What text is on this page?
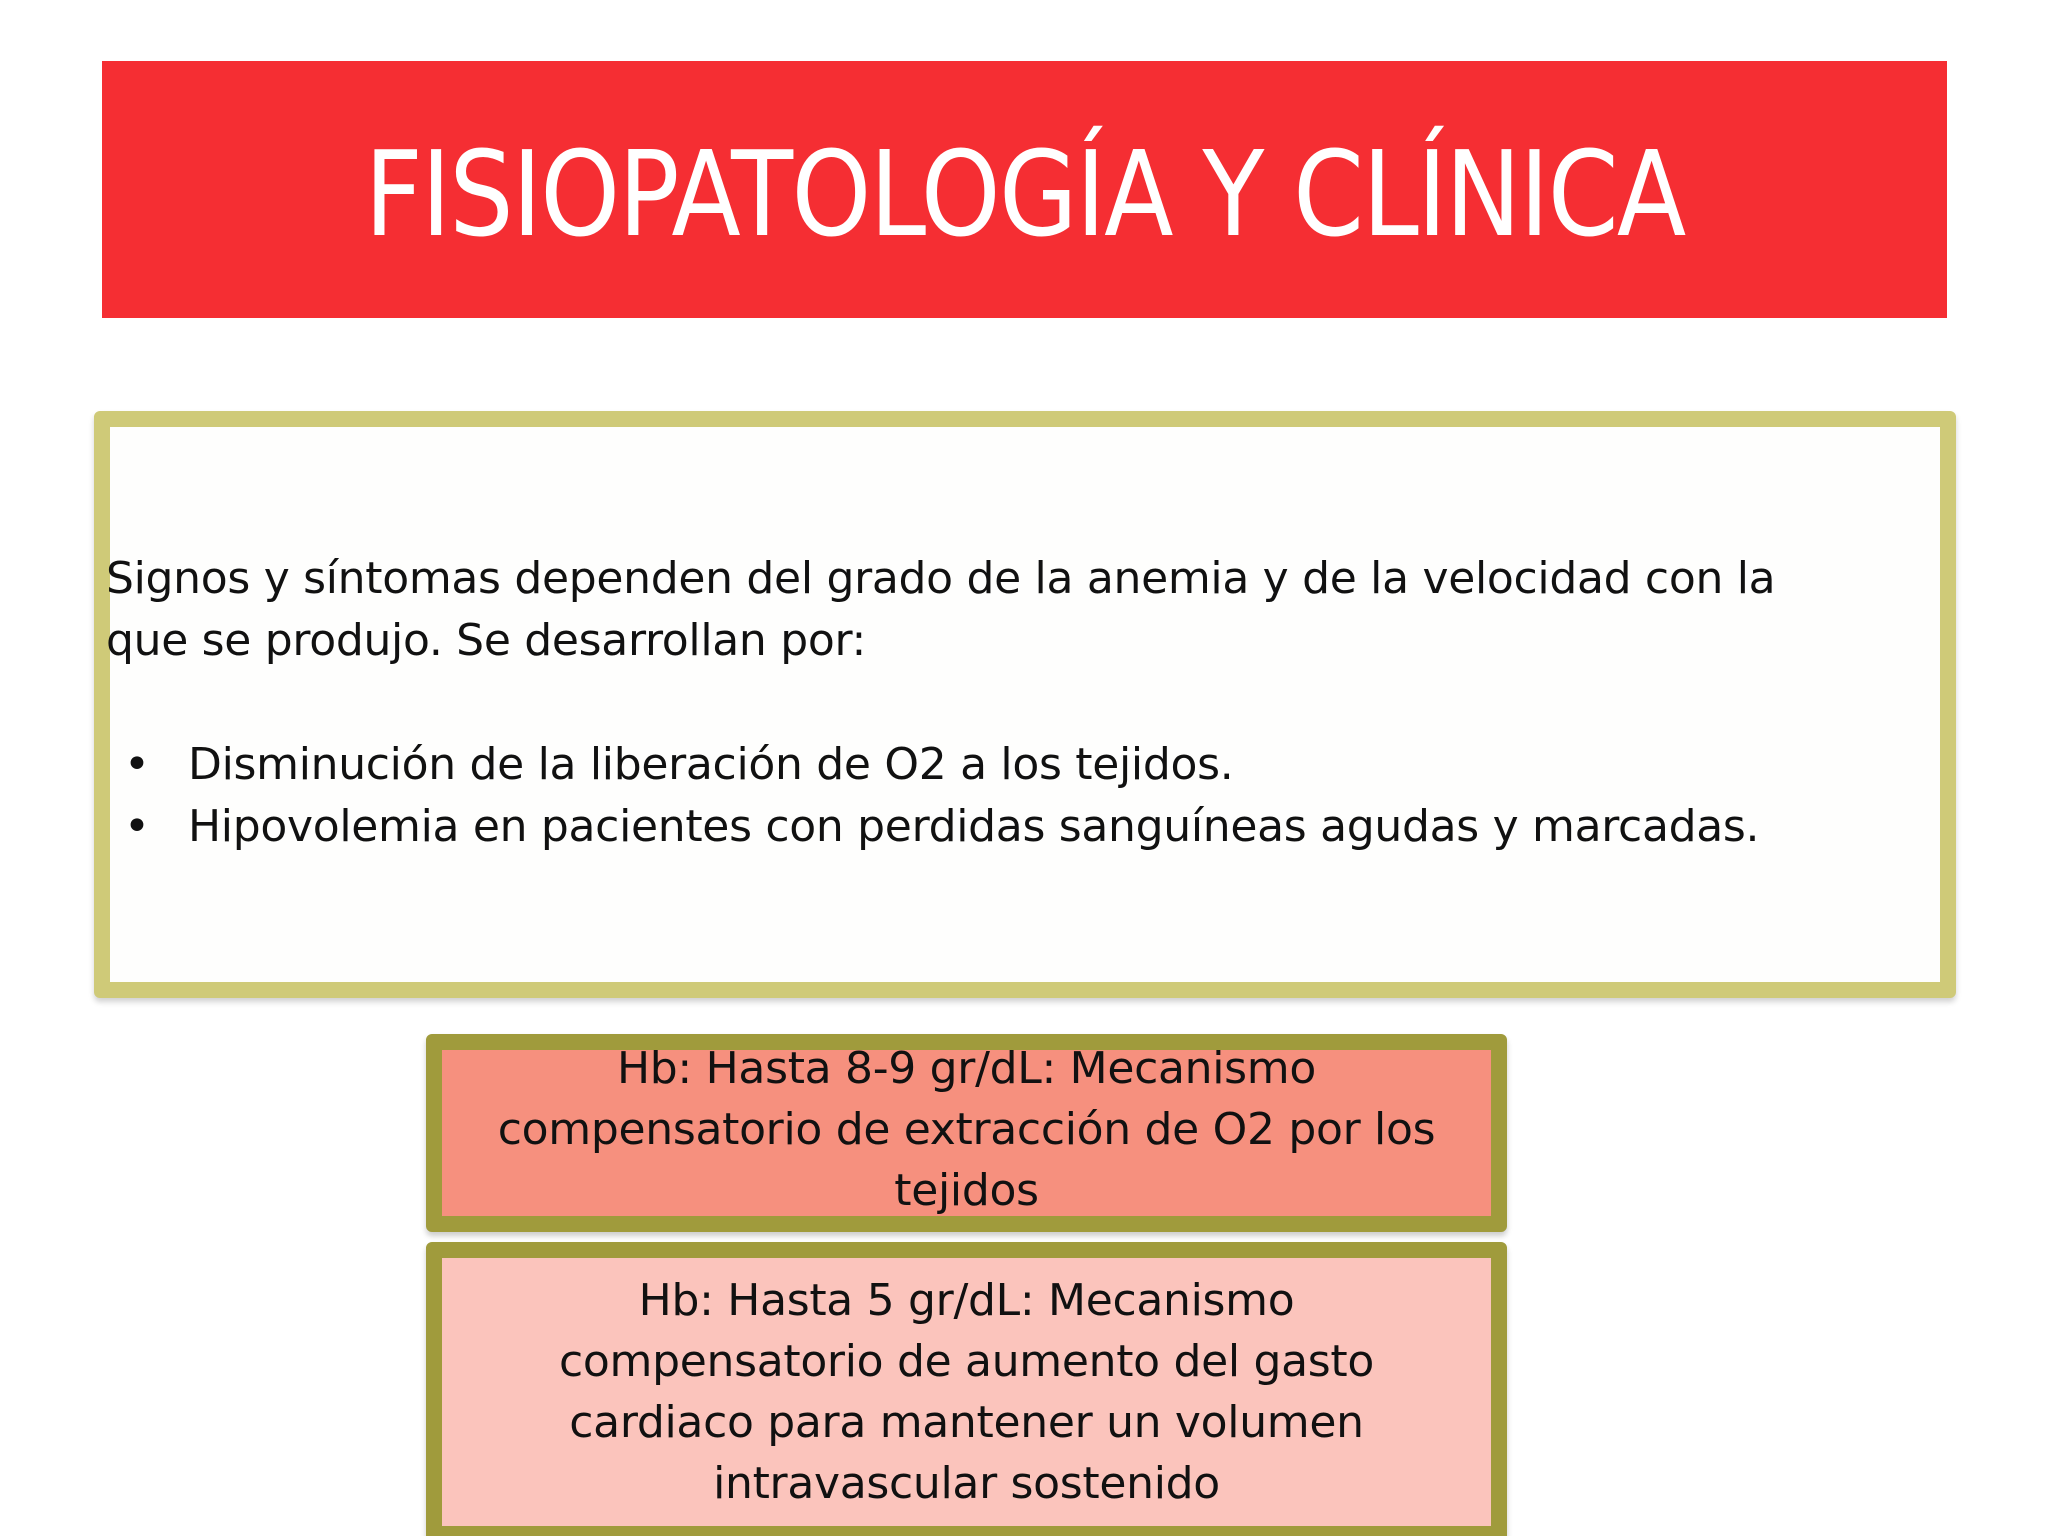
FISIOPATOLOGÍA Y CLÍNICA

Signos y síntomas dependen del grado de la anemia y de la velocidad con la

que se produjo. Se desarrollan por:

• Disminución de la liberación de O2 a los tejidos.
• Hipovolemia en pacientes con perdidas sanguíneas agudas y marcadas.
Hb: Hasta 8-9 gr/dL: Mecanismo
compensatorio de extracción de O2 por los
tejidos
Hb: Hasta 5 gr/dL: Mecanismo
compensatorio de aumento del gasto
cardiaco para mantener un volumen
intravascular sostenido
